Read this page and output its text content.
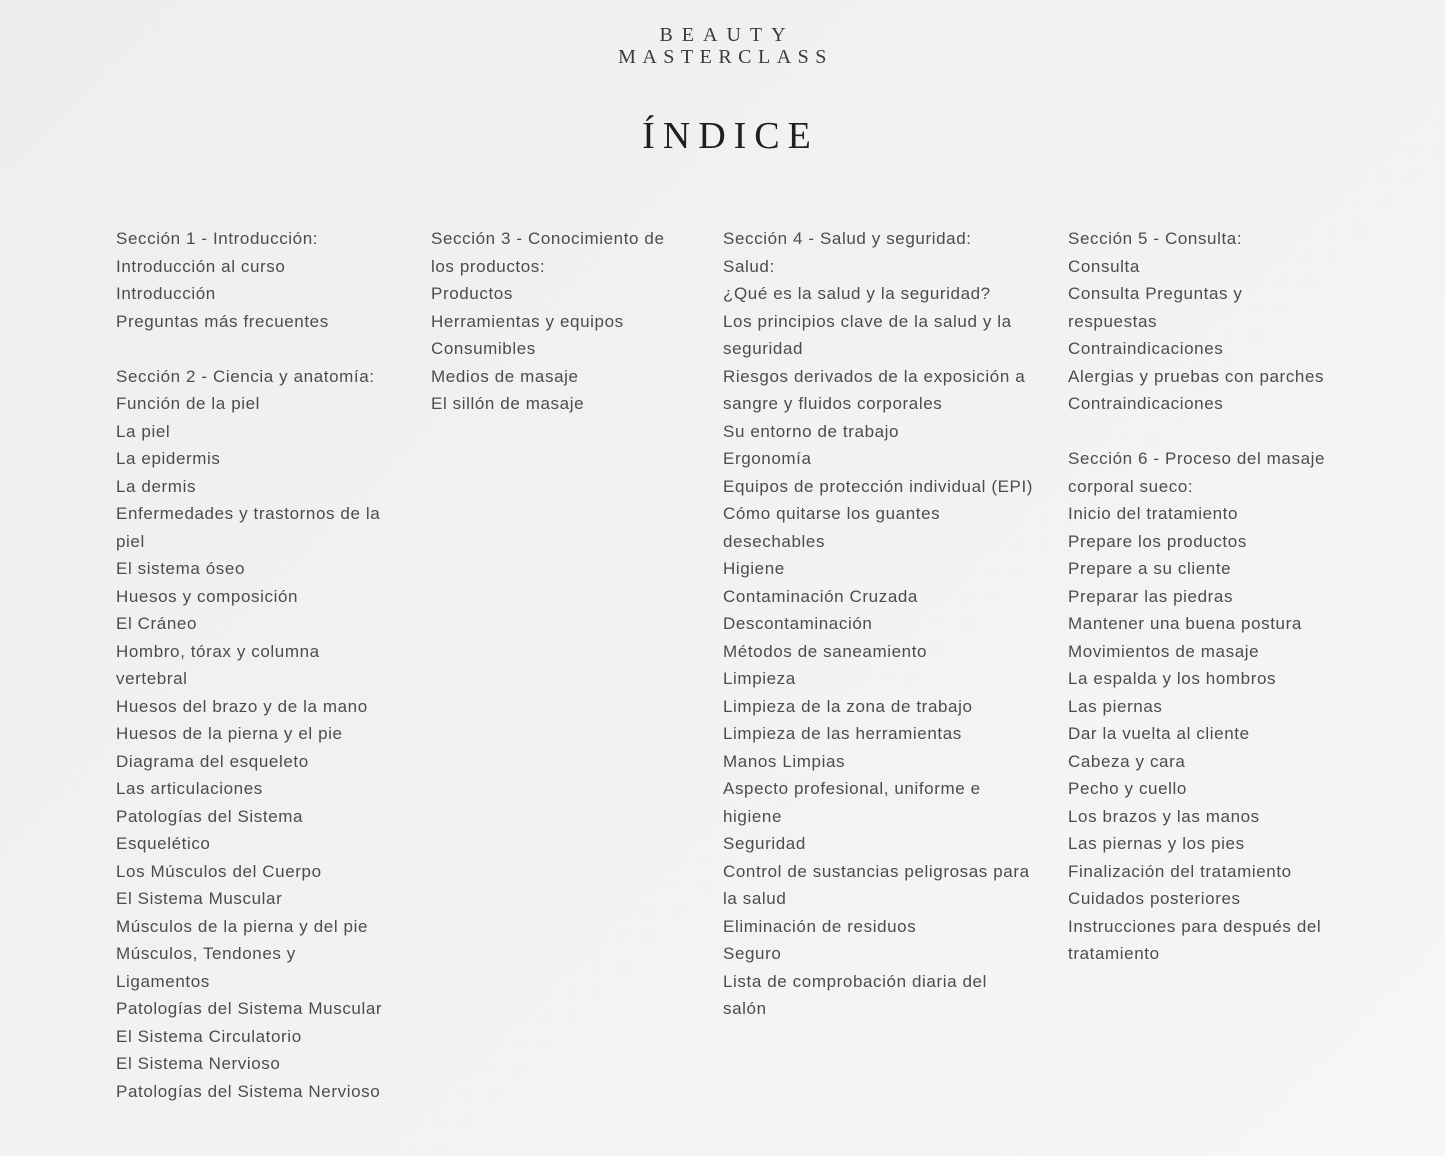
BEAUTY
MASTERCLASS
ÍNDICE
Sección 1 - Introducción:
Introducción al curso
Introducción
Preguntas más frecuentes
Sección 2 - Ciencia y anatomía:
Función de la piel
La piel
La epidermis
La dermis
Enfermedades y trastornos de la
piel
El sistema óseo
Huesos y composición
El Cráneo
Hombro, tórax y columna
vertebral
Huesos del brazo y de la mano
Huesos de la pierna y el pie
Diagrama del esqueleto
Las articulaciones
Patologías del Sistema
Esquelético
Los Músculos del Cuerpo
El Sistema Muscular
Músculos de la pierna y del pie
Músculos, Tendones y
Ligamentos
Patologías del Sistema Muscular
El Sistema Circulatorio
El Sistema Nervioso
Patologías del Sistema Nervioso
Sección 3 - Conocimiento de
los productos:
Productos
Herramientas y equipos
Consumibles
Medios de masaje
El sillón de masaje
Sección 4 - Salud y seguridad:
Salud:
¿Qué es la salud y la seguridad?
Los principios clave de la salud y la
seguridad
Riesgos derivados de la exposición a
sangre y fluidos corporales
Su entorno de trabajo
Ergonomía
Equipos de protección individual (EPI)
Cómo quitarse los guantes
desechables
Higiene
Contaminación Cruzada
Descontaminación
Métodos de saneamiento
Limpieza
Limpieza de la zona de trabajo
Limpieza de las herramientas
Manos Limpias
Aspecto profesional, uniforme e
higiene
Seguridad
Control de sustancias peligrosas para
la salud
Eliminación de residuos
Seguro
Lista de comprobación diaria del
salón
Sección 5 - Consulta:
Consulta
Consulta Preguntas y
respuestas
Contraindicaciones
Alergias y pruebas con parches
Contraindicaciones
Sección 6 - Proceso del masaje
corporal sueco:
Inicio del tratamiento
Prepare los productos
Prepare a su cliente
Preparar las piedras
Mantener una buena postura
Movimientos de masaje
La espalda y los hombros
Las piernas
Dar la vuelta al cliente
Cabeza y cara
Pecho y cuello
Los brazos y las manos
Las piernas y los pies
Finalización del tratamiento
Cuidados posteriores
Instrucciones para después del
tratamiento
